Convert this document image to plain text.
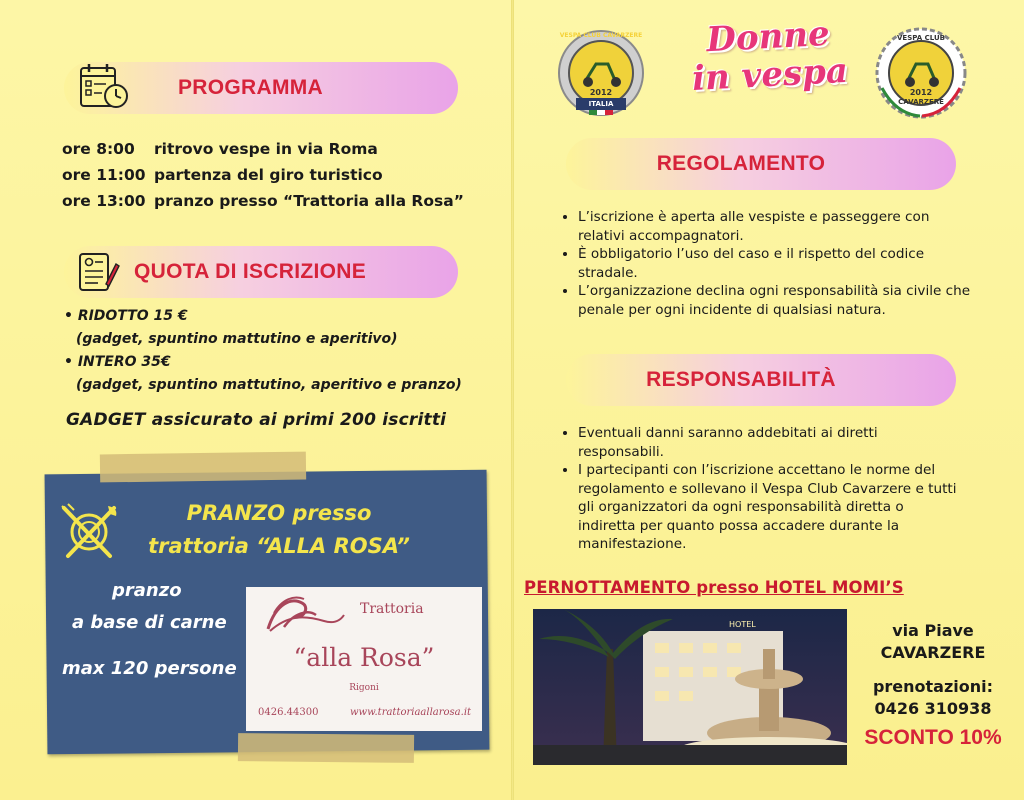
PROGRAMMA
ore 8:00	ritrovo vespe in via Roma
ore 11:00 partenza del giro turistico
ore 13:00 pranzo presso “Trattoria alla Rosa”
QUOTA DI ISCRIZIONE
• RIDOTTO 15 €
(gadget, spuntino mattutino e aperitivo)
• INTERO 35€
(gadget, spuntino mattutino, aperitivo e pranzo)
GADGET assicurato ai primi 200 iscritti
PRANZO presso
trattoria “ALLA ROSA”
pranzo
a base di carne
max 120 persone
Trattoria
“alla Rosa”
Rigoni
0426.44300	www.trattoriaallarosa.it
VESPA CLUB CAVARZERE
2012
ITALIA
Donne
in vespa
VESPA CLUB
2012
CAVARZERE
REGOLAMENTO
• L’iscrizione è aperta alle vespiste e passeggere con relativi accompagnatori.
• È obbligatorio l’uso del caso e il rispetto del codice stradale.
• L’organizzazione declina ogni responsabilità sia civile che penale per ogni incidente di qualsiasi natura.
RESPONSABILITÀ
• Eventuali danni saranno addebitati ai diretti responsabili.
• I partecipanti con l’iscrizione accettano le norme del regolamento e sollevano il Vespa Club Cavarzere e tutti gli organizzatori da ogni responsabilità diretta o indiretta per quanto possa accadere durante la manifestazione.
PERNOTTAMENTO presso HOTEL MOMI’S
HOTEL	via Piave
CAVARZERE
prenotazioni:
0426 310938
SCONTO 10%
